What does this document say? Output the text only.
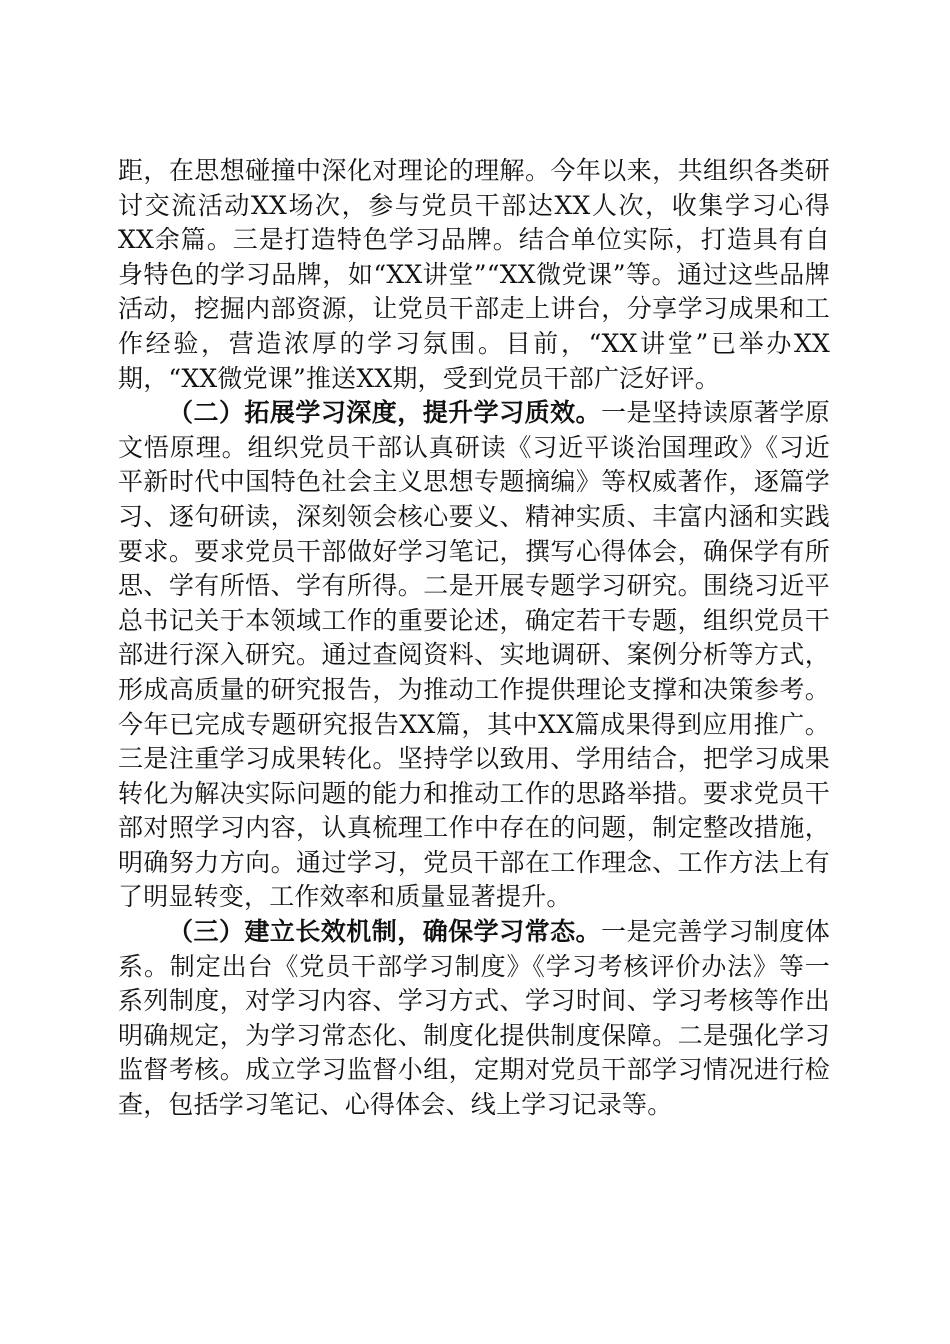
距，在思想碰撞中深化对理论的理解。今年以来，共组织各类研讨交流活动XX场次，参与党员干部达XX人次，收集学习心得XX余篇。三是打造特色学习品牌。结合单位实际，打造具有自身特色的学习品牌，如“XX讲堂”“XX微党课”等。通过这些品牌活动，挖掘内部资源，让党员干部走上讲台，分享学习成果和工作经验，营造浓厚的学习氛围。目前，“XX讲堂”已举办XX期，“XX微党课”推送XX期，受到党员干部广泛好评。

（二）拓展学习深度，提升学习质效。一是坚持读原著学原文悟原理。组织党员干部认真研读《习近平谈治国理政》《习近平新时代中国特色社会主义思想专题摘编》等权威著作，逐篇学习、逐句研读，深刻领会核心要义、精神实质、丰富内涵和实践要求。要求党员干部做好学习笔记，撰写心得体会，确保学有所思、学有所悟、学有所得。二是开展专题学习研究。围绕习近平总书记关于本领域工作的重要论述，确定若干专题，组织党员干部进行深入研究。通过查阅资料、实地调研、案例分析等方式，形成高质量的研究报告，为推动工作提供理论支撑和决策参考。今年已完成专题研究报告XX篇，其中XX篇成果得到应用推广。三是注重学习成果转化。坚持学以致用、学用结合，把学习成果转化为解决实际问题的能力和推动工作的思路举措。要求党员干部对照学习内容，认真梳理工作中存在的问题，制定整改措施，明确努力方向。通过学习，党员干部在工作理念、工作方法上有了明显转变，工作效率和质量显著提升。

（三）建立长效机制，确保学习常态。一是完善学习制度体系。制定出台《党员干部学习制度》《学习考核评价办法》等一系列制度，对学习内容、学习方式、学习时间、学习考核等作出明确规定，为学习常态化、制度化提供制度保障。二是强化学习监督考核。成立学习监督小组，定期对党员干部学习情况进行检查，包括学习笔记、心得体会、线上学习记录等。
